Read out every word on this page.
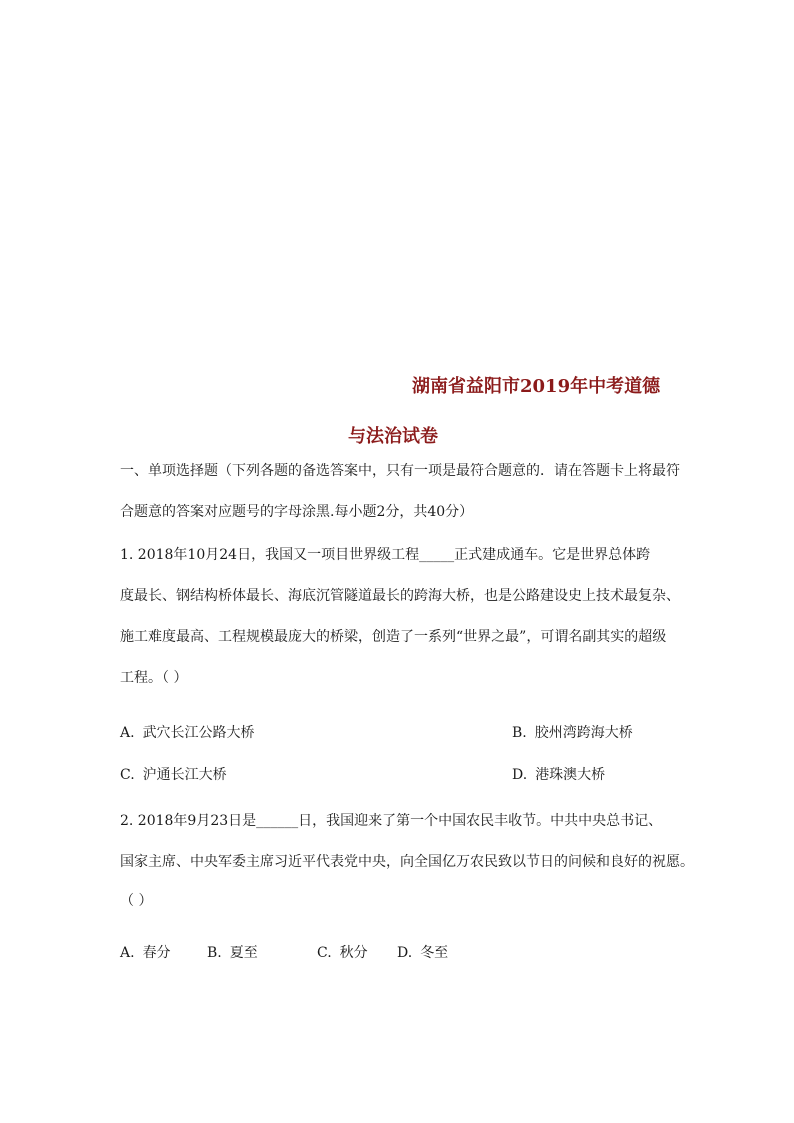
湖南省益阳市2019年中考道德
与法治试卷
一、单项选择题（下列各题的备选答案中，只有一项是最符合题意的．请在答题卡上将最符
合题意的答案对应题号的字母涂黑.每小题2分，共40分）
1. 2018年10月24日，我国又一项目世界级工程_____正式建成通车。它是世界总体跨
度最长、钢结构桥体最长、海底沉管隧道最长的跨海大桥，也是公路建设史上技术最复杂、
施工难度最高、工程规模最庞大的桥梁，创造了一系列“世界之最”，可谓名副其实的超级
工程。（ ）
A. 武穴长江公路大桥	B. 胶州湾跨海大桥
C. 沪通长江大桥	D. 港珠澳大桥
2. 2018年9月23日是______日，我国迎来了第一个中国农民丰收节。中共中央总书记、
国家主席、中央军委主席习近平代表党中央，向全国亿万农民致以节日的问候和良好的祝愿。
（ ）
A. 春分	B. 夏至	C. 秋分 D. 冬至
